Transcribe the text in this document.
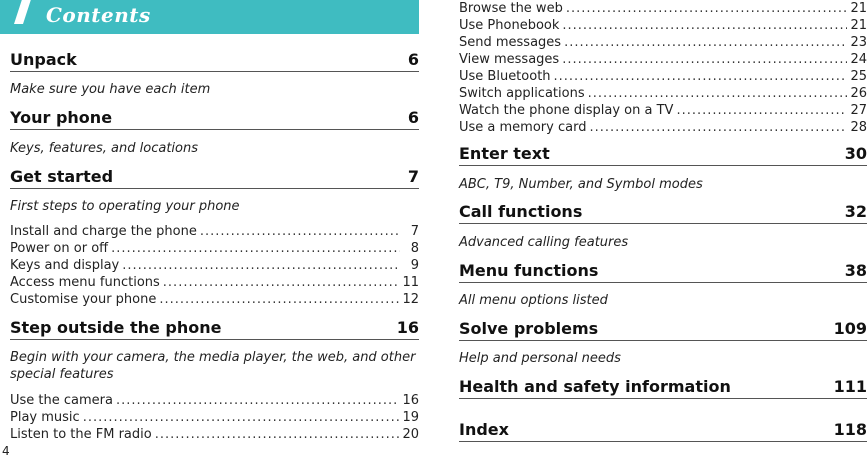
Contents
Unpack	6
Make sure you have each item
Your phone	6
Keys, features, and locations
Get started	7
First steps to operating your phone
Install and charge the phone .....	7
Power on or off .....	8
Keys and display .....	9
Access menu functions .....	11
Customise your phone .....	12
Step outside the phone	16
Begin with your camera, the media player, the web, and other special features
Use the camera .....	16
Play music .....	19
Listen to the FM radio .....	20
4
Browse the web .....	21
Use Phonebook .....	21
Send messages .....	23
View messages .....	24
Use Bluetooth .....	25
Switch applications .....	26
Watch the phone display on a TV .....	27
Use a memory card .....	28
Enter text	30
ABC, T9, Number, and Symbol modes
Call functions	32
Advanced calling features
Menu functions	38
All menu options listed
Solve problems	109
Help and personal needs
Health and safety information	111
Index	118
